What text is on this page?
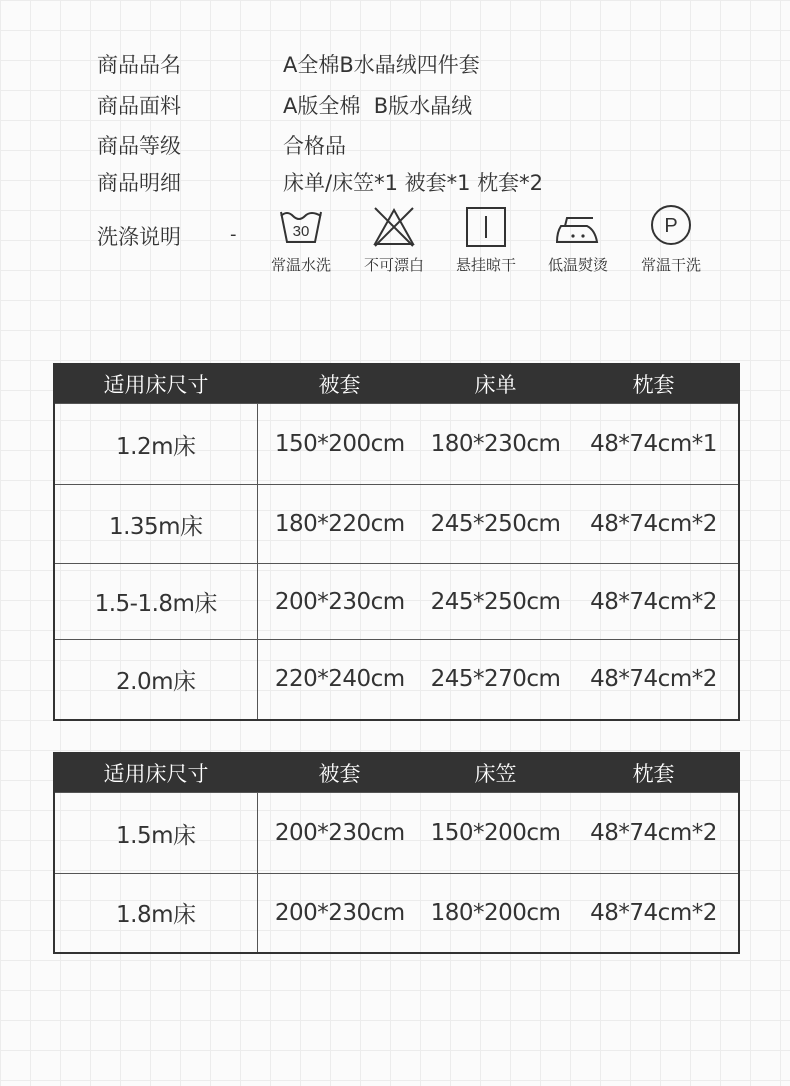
商品品名	A全棉B水晶绒四件套
商品面料	A版全棉  B版水晶绒
商品等级	合格品
商品明细	床单/床笠*1 被套*1 枕套*2
洗涤说明	-	30
常温水洗	不可漂白	悬挂晾干	低温熨烫
P
常温干洗
适用床尺寸	被套	床单	枕套
1.2m床	150*200cm	180*230cm	48*74cm*1
1.35m床	180*220cm	245*250cm	48*74cm*2
1.5-1.8m床	200*230cm	245*250cm	48*74cm*2
2.0m床	220*240cm	245*270cm	48*74cm*2
适用床尺寸	被套	床笠	枕套
1.5m床	200*230cm	150*200cm	48*74cm*2
1.8m床	200*230cm	180*200cm	48*74cm*2
